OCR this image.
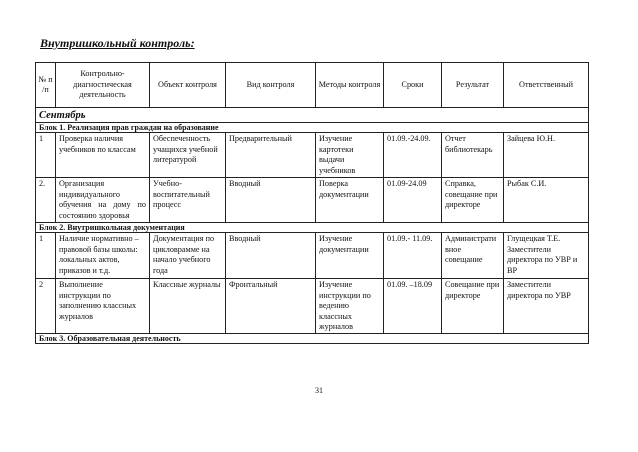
Внутришкольный контроль:
№ п /п	Контрольно-диагностическая деятельность	Объект контроля	Вид контроля	Методы контроля	Сроки	Результат	Ответственный
Сентябрь							
Блок 1. Реализация прав граждан на образование							
1	Проверка наличия учебников по классам	Обеспеченность учащихся учебной литературой	Предварительный	Изучение картотеки выдачи учебников	01.09.-24.09.	Отчет библиотекарь	Зайцева Ю.Н.
2.	Организация индивидуального обучения на дому по состоянию здоровья	Учебно-воспитательный процесс	Вводный	Поверка документации	01.09-24.09	Справка, совещание при директоре	Рыбак С.И.
Блок 2. Внутришкольная документация							
1	Наличие нормативно – правовой базы школы: локальных актов, приказов и т.д.	Документация по цикловрамме на начало учебного года	Вводный	Изучение документации	01.09.- 11.09.	Административное совещание	Глущецкая Т.Е. Заместители директора по УВР и ВР
2	Выполнение инструкции по заполнению классных журналов	Классные журналы	Фронтальный	Изучение инструкции по ведению классных журналов	01.09. –18.09	Совещание при директоре	Заместители директора по УВР
Блок 3. Образовательная деятельность							
31
